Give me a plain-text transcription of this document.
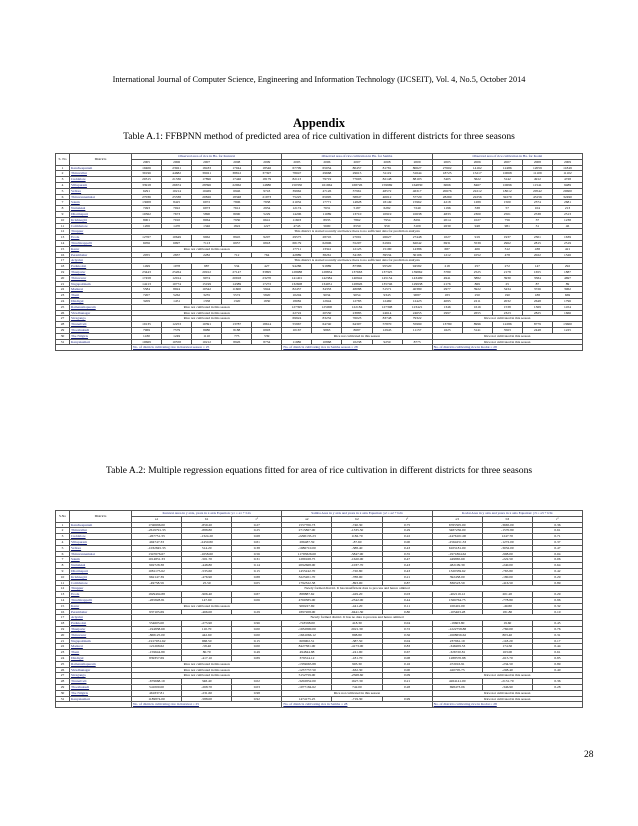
International Journal of Computer Science, Engineering and Information Technology (IJCSEIT), Vol. 4, No.5, October 2014
Appendix
Table A.1: FFBPNN method of predicted area of rice cultivation in different districts for three seasons
S. No	Districts	Observed area of rice in Ha. for Kuruvai					Observed area of rice cultivation in Ha. for Samba					Observed area of rice cultivation in Ha. for Kodai				
		2005	2006	2007	2008	2009	2005	2006	2007	2008	2009	2005	2006	2007	2008	2009
1	Kancheepuram	19406	23921	18433	17044	18546	67709	65034	80457	81781	80627	27602	14162	12486	12059	11849
2	Thiruvallur	39196	44682	39021	38812	37397	78047	29668	29615	31119	31644	18725	15217	10068	11109	11102
3	Cuddalore	20315	21336	17896	17446	18179	82113	79719	77603	82148	88103	3405	3622	3142	4912	4728
4	Villupuram	33918	26674	28396	22962	14880	150350	161964	168726	159969	164830	6066	8467	10696	11541	9489
5	Vellore	6291	10214	10469	6946	9743	39962	47126	37961	48572	46317	20676	22212	18012	20542	20600
6	Thiruvannamalai	27036	25338	20826	18348	21973	75225	65095	58847	40012	57720	28269	22256	32270	43156	32490
7	Salem	13008	8425	6972	7806	7838	21032	17771	14828	18149	15962	4218	1289	1500	2374	2681
8	Namakkal	7493	7022	6973	7612	2934	12174	7631	5187	6282	7240	1196	338	57	104	213
9	Dharmapuri	10362	7673	5890	8090	5229	14206	11089	13710	10919	10638	4833	2300	2501	2538	2513
10	Krishnagiri	8001	7010	8064	7930	6641	11603	8935	7862	7954	8291	2014	1027	756	37	1238
11	Coimbatore	1206	1470	1346	1822	1227	4743	5600	6550	959	3109	2630	948	981	31	46
12	Tiruppur	This district is started recently and hence there is no sufficient data for prediction analysis														
13	Erode	12767	10649	9962	8945	9207	29575	28745	27091	26627	27448	1027	919	1937	2301	1639
14	Tiruchirappalli	6056	6997	7113	6957	6818	68179	62906	55207	61991	62042	6931	3539	2962	2815	2519
15	Karur	Rice not cultivated in this season					17711	13341	12125	15190	14386	687	406	312	438	421
16	Perambalur	2055	2837	2282	712	764	42889	38261	34183	39534	30106	1212	1052	478	2022	1526
17	Ariyalur	This district is started recently and hence there is no sufficient data for prediction analysis														
18	Pudukottai	1499	1078	987	534	427	94286	91889	87386	95520	94582	218	257	272	147	292
19	Thanjavur	23443	25264	20912	27147	33895	128988	128854	137663	137325	139862	3780	2525	2178	1655	1887
20	Thiruvarur	17458	12014	9074	20918	23270	141401	142384	140942	145154	143409	4941	3882	3930	3584	4697
21	Nagapattinam	14213	10774	15199	14389	17272	132608	134051	128826	135746	129938	2176	869	25	87	89
22	Madurai	5584	8924	10342	11600	5944	82457	34333	48088	51571	40380	2977	3922	3434	3726	3962
23	Theni	7207	5262	3235	5572	5820	10204	9034	9054	9343	9087	183	250	190	188	669
24	Dindigul	3209	1451	1358	1320	1830	18082	12944	12783	12469	12423	4095	2211	2032	2648	1796
25	Ramanathapuram	Rice not cultivated in this season					127395	125000	122184	127398	123421	1346	1616	1538	1369	1454
26	Virudhunagar	Rice not cultivated in this season					22722	20550	23885	24614	24655	2997	2655	2323	2825	1666
27	Sivaganga	Rice not cultivated in this season					69924	83232	76023	83748	79322	Rice not cultivated in this season				
28	Tirunelveli	19135	12253	10391	13787	18614	55967	64740	64307	57870	55990	13780	8996	12286	8779	13600
29	Thoothukudi	7969	7579	8080	8188	6993	10167	9863	8687	12945	11157	1625	3141	3563	2448	1225
30	The Nilgiris	1430	1249	1110	775	539	Rice not cultivated in this season					Rice not cultivated in this season				
31	Kanyakumari	10669	10558	10212	8926	8734	11986	10868	10238	9259	8775	Rice not cultivated in this season				
		No. of districts cultivating rice in Kuruvai season = 25					No. of districts cultivating rice in Samba season = 28					No. of districts cultivating rice in Kodai = 28				
Table A.2: Multiple regression equations fitted for area of rice cultivation in different districts for three seasons
S.No	Districts	Kuruvai Area in y axis, years in x axis Equation: y1 = a1 + b1x			Samba Area in y axis and years in x axis Equation: y2 = a2 + b2x			Kodai Area in y axis and years in x axis Equation: y3 = a3 + b3x		
		a1	b1	r²	a2	b2	r²	a3	b3	r²
1	Kancheepuram	1740696.00	-859.20	0.27	1557706.73	-740.30	0.75	6765505.00	-3665.00	0.36
2	Thiruvallur	-2619791.33	-888.80	0.25	2715867.00	-1335.50	0.29	3487236.00	-1570.80	0.61
3	Cuddalore	-267751.33	-1324.20	0.68	-2290135.23	1182.70	0.22	-2476101.00	1247.70	0.71
4	Villupuram	494747.33	-2450.80	0.81	286487.59	-87.60	0.00	-2564251.33	-1272.00	0.37
5	Vellore	-1032845.33	514.20	0.38	-1986710.00	-388.40	0.43	6105181.00	-3032.00	0.47
6	Thiruvannamalai	1347676.67	-1658.60	0.56	11795826.00	-5847.90	0.55	-1971864.62	-998.00	0.04
7	Salem	1014851.33	-501.70	0.31	1289168.75	-1620.00	0.47	449865.69	-222.50	0.06
8	Namakkal	902728.38	-448.80	0.14	2092668.00	-1037.70	0.43	482109.39	-240.00	0.64
9	Dharmapuri	1081175.62	-535.60	0.15	1455242.70	-720.80	0.43	1320339.62	-765.80	0.42
10	Krishnagiri	962147.39	-476.90	0.88	3225201.70	-788.90	0.21	392458.00	-180.00	0.29
11	Coimbatore	-49758.59	25.50	0.05	1792322.58	-893.00	0.87	836523.59	-416.50	0.89
12	Tiruppur	Newly formed district. It has insufficient data to process and hence omitted								
13	Erode	1829494.88	-906.40	0.87	888887.62	-429.20	0.03	-402119.12	201.20	0.29
14	Tiruchirappalli	-265828.81	147.60	0.06	4760385.00	-2342.00	0.44	1566764.75	-778.80	0.96
15	Karur	Rice not cultivated in this season			900227.69	-441.20	0.11	100401.00	-49.80	0.32
16	Perambalur	937105.69	-466.00	0.29	1897208.00	-9441.30	0.80	-105463.28	181.80	0.10
17	Ariyalur	Newly formed district. It has no data to process and hence omitted								
18	Pudukottai	554605.00	-275.90	0.96	-743598.00	418.30	0.04	-19603.80	19.60	0.45
19	Thanjavur	-194838.69	110.70	0.00	-1932800.00	2021.30	0.72	-1222758.88	-760.00	0.76
20	Thiruvarur	-868125.00	442.60	0.00	-1661066.12	898.80	0.56	-1608656.62	803.40	0.31
21	Nagapattinam	-1917031.62	968.50	0.15	609902.51	-387.50	0.04	237961.19	-118.20	0.17
22	Madurai	121268.62	-58.40	0.00	8427381.00	-4173.00	0.83	-346209.53	174.50	0.44
23	Theni	-159644.89	80.70	0.49	494844.88	-241.90	0.67	-326720.81	163.00	0.61
24	Dindigul	839357.69	-417.10	0.89	379314.12	-181.70	0.08	1288570.88	-615.70	0.85
25	Ramanathapuram	Rice not cultivated in this season			-1359665.88	903.30	0.16	472016.91	-234.50	0.89
26	Virudhunagar	Rice not cultivated in this season			-1257757.50	-632.30	0.00	420705.75	-208.40	0.40
27	Sivaganga	Rice not cultivated in this season			5152759.00	-2568.60	0.09	Rice not cultivated in this season		
28	Tirunelveli	-679668.19	348.40	0.02	-3202852.00	1627.30	0.21	4264141.00	-2131.70	0.36
29	Thoothukudi	541000.00	-268.70	0.03	-1077184.62	742.00	0.28	698473.06	-346.90	0.28
30	The Nilgiris	461837.81	-231.60	0.98	Rice not cultivated in this season			Rice not cultivated in this season		
31	Kanyakumari	1189874.00	-588.00	0.92	1474175.25	-719.30	0.99	Rice not cultivated in this season		
		No. of districts cultivating rice in Kuruvai = 25			No. of districts cultivating rice in Samba = 28			No. of districts cultivating rice in Kodai = 28		
28
